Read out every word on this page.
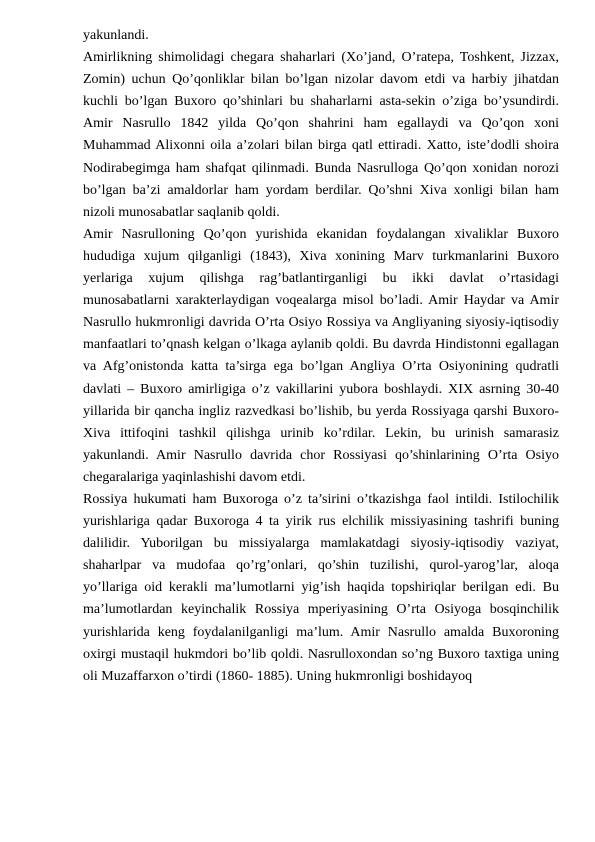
yakunlandi.

Amirlikning shimolidagi chegara shaharlari (Xo’jand, O’ratepa, Toshkent, Jizzax, Zomin) uchun Qo’qonliklar bilan bo’lgan nizolar davom etdi va harbiy jihatdan kuchli bo’lgan Buxoro qo’shinlari bu shaharlarni asta-sekin o’ziga bo’ysundirdi. Amir Nasrullo 1842 yilda Qo’qon shahrini ham egallaydi va Qo’qon xoni Muhammad Alixonni oila a’zolari bilan birga qatl ettiradi. Xatto, iste’dodli shoira Nodirabegimga ham shafqat qilinmadi. Bunda Nasrulloga Qo’qon xonidan norozi bo’lgan ba’zi amaldorlar ham yordam berdilar. Qo’shni Xiva xonligi bilan ham nizoli munosabatlar saqlanib qoldi.

Amir Nasrulloning Qo’qon yurishida ekanidan foydalangan xivaliklar Buxoro hududiga xujum qilganligi (1843), Xiva xonining Marv turkmanlarini Buxoro yerlariga xujum qilishga rag’batlantirganligi bu ikki davlat o’rtasidagi munosabatlarni xarakterlaydigan voqealarga misol bo’ladi. Amir Haydar va Amir Nasrullo hukmronligi davrida O’rta Osiyo Rossiya va Angliyaning siyosiy-iqtisodiy manfaatlari to’qnash kelgan o’lkaga aylanib qoldi. Bu davrda Hindistonni egallagan va Afg’onistonda katta ta’sirga ega bo’lgan Angliya O’rta Osiyonining qudratli davlati – Buxoro amirligiga o’z vakillarini yubora boshlaydi. XIX asrning 30-40 yillarida bir qancha ingliz razvedkasi bo’lishib, bu yerda Rossiyaga qarshi Buxoro-Xiva ittifoqini tashkil qilishga urinib ko’rdilar. Lekin, bu urinish samarasiz yakunlandi. Amir Nasrullo davrida chor Rossiyasi qo’shinlarining O’rta Osiyo chegaralariga yaqinlashishi davom etdi.

Rossiya hukumati ham Buxoroga o’z ta’sirini o’tkazishga faol intildi. Istilochilik yurishlariga qadar Buxoroga 4 ta yirik rus elchilik missiyasining tashrifi buning dalilidir. Yuborilgan bu missiyalarga mamlakatdagi siyosiy-iqtisodiy vaziyat, shaharlpar va mudofaa qo’rg’onlari, qo’shin tuzilishi, qurol-yarog’lar, aloqa yo’llariga oid kerakli ma’lumotlarni yig’ish haqida topshiriqlar berilgan edi. Bu ma’lumotlardan keyinchalik Rossiya mperiyasining O’rta Osiyoga bosqinchilik yurishlarida keng foydalanilganligi ma’lum. Amir Nasrullo amalda Buxoroning oxirgi mustaqil hukmdori bo’lib qoldi. Nasrulloxondan so’ng Buxoro taxtiga uning oli Muzaffarxon o’tirdi (1860- 1885). Uning hukmronligi boshidayoq
